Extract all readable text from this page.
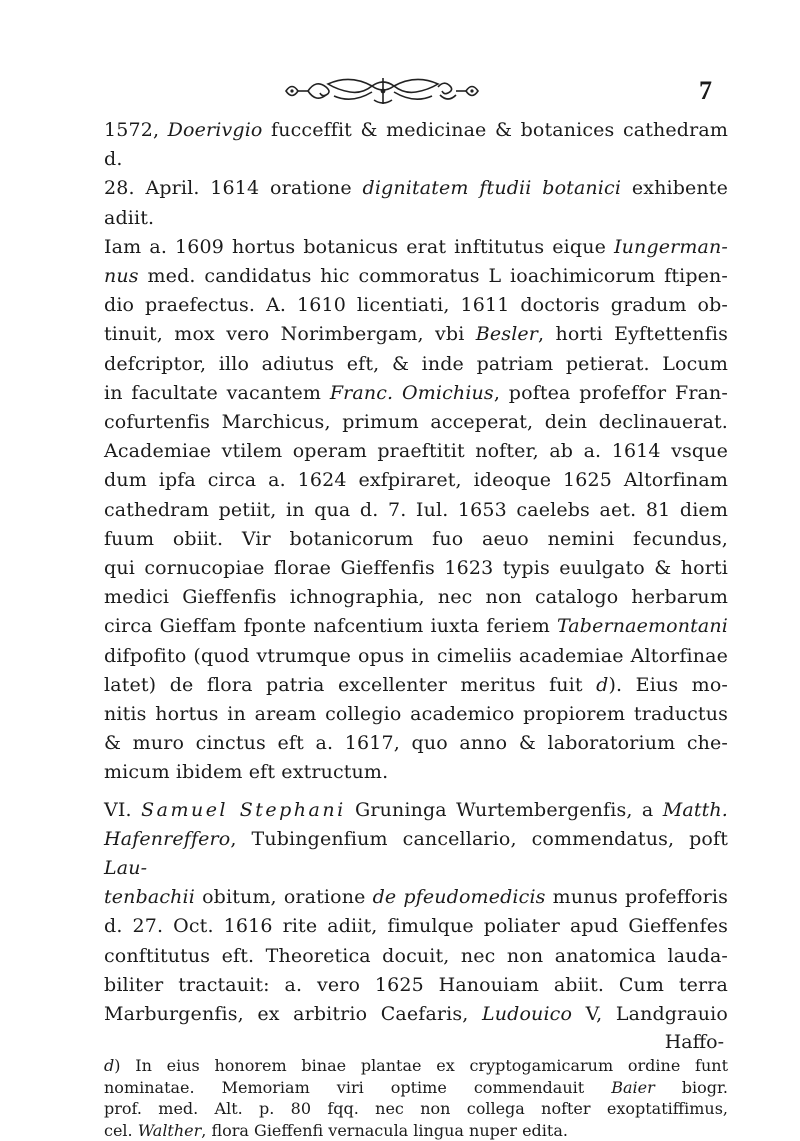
7
1572, Doerivgio fucceffit & medicinae & botanices cathedram d.
28. April. 1614 oratione dignitatem ftudii botanici exhibente adiit.
Iam a. 1609 hortus botanicus erat inftitutus eique Iungerman-
nus med. candidatus hic commoratus L ioachimicorum ftipen-
dio praefectus. A. 1610 licentiati, 1611 doctoris gradum ob-
tinuit, mox vero Norimbergam, vbi Besler, horti Eyftettenfis
defcriptor, illo adiutus eft, & inde patriam petierat. Locum
in facultate vacantem Franc. Omichius, poftea profeffor Fran-
cofurtenfis Marchicus, primum acceperat, dein declinauerat.
Academiae vtilem operam praeftitit nofter, ab a. 1614 vsque
dum ipfa circa a. 1624 exfpiraret, ideoque 1625 Altorfinam
cathedram petiit, in qua d. 7. Iul. 1653 caelebs aet. 81 diem
fuum obiit. Vir botanicorum fuo aeuo nemini fecundus,
qui cornucopiae florae Gieffenfis 1623 typis euulgato & horti
medici Gieffenfis ichnographia, nec non catalogo herbarum
circa Gieffam fponte nafcentium iuxta feriem Tabernaemontani
difpofito (quod vtrumque opus in cimeliis academiae Altorfinae
latet) de flora patria excellenter meritus fuit d). Eius mo-
nitis hortus in aream collegio academico propiorem traductus
& muro cinctus eft a. 1617, quo anno & laboratorium che-
micum ibidem eft extructum.
VI. Samuel Stephani Gruninga Wurtembergenfis, a Matth.
Hafenreffero, Tubingenfium cancellario, commendatus, poft Lau-
tenbachii obitum, oratione de pfeudomedicis munus profefforis
d. 27. Oct. 1616 rite adiit, fimulque poliater apud Gieffenfes
conftitutus eft. Theoretica docuit, nec non anatomica lauda-
biliter tractauit: a. vero 1625 Hanouiam abiit. Cum terra
Marburgenfis, ex arbitrio Caefaris, Ludouico V, Landgrauio
Haffo-
d) In eius honorem binae plantae ex cryptogamicarum ordine funt
nominatae. Memoriam viri optime commendauit Baier biogr.
prof. med. Alt. p. 80 fqq. nec non collega nofter exoptatiffimus,
cel. Walther, flora Gieffenfi vernacula lingua nuper edita.
